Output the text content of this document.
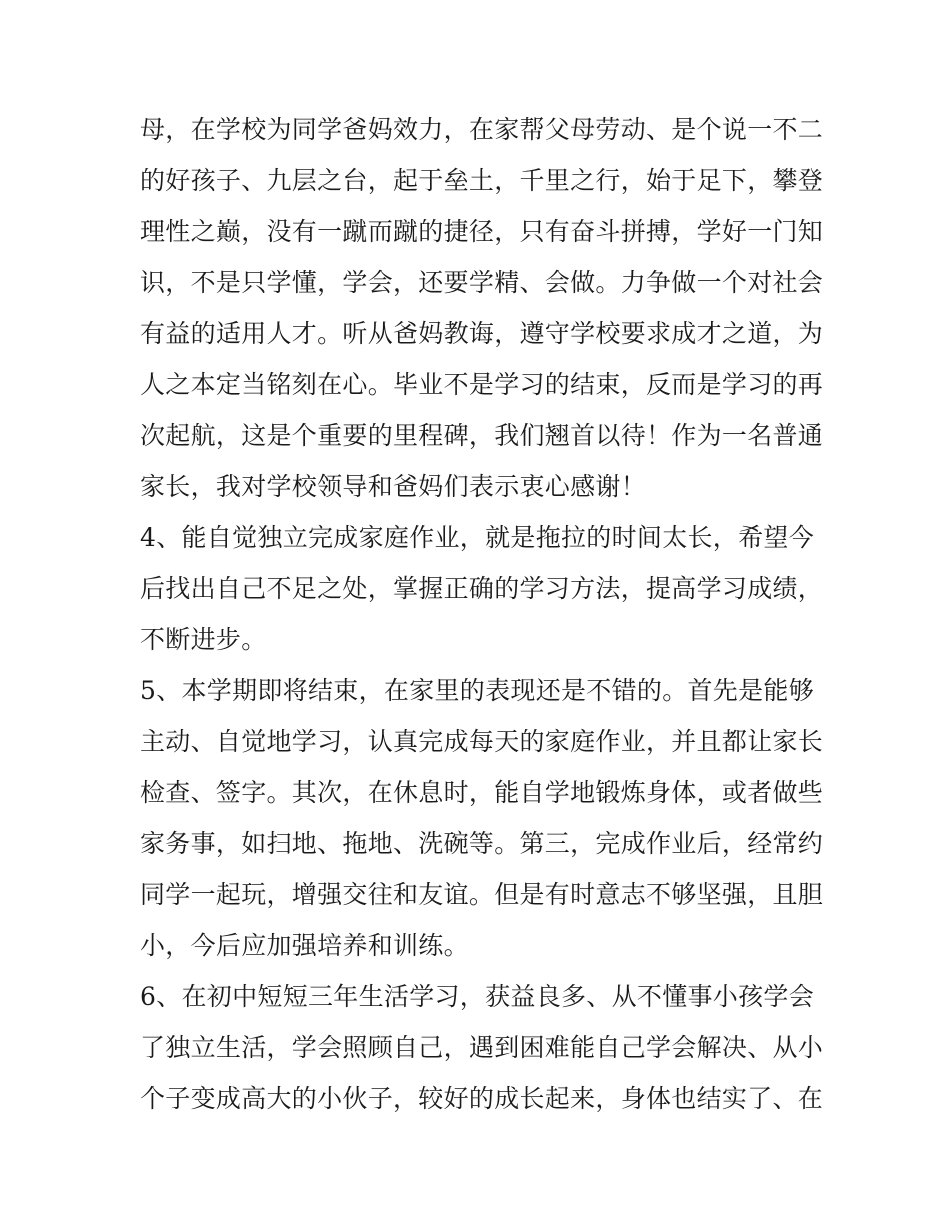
母，在学校为同学爸妈效力，在家帮父母劳动、是个说一不二
的好孩子、九层之台，起于垒土，千里之行，始于足下，攀登
理性之巅，没有一蹴而蹴的捷径，只有奋斗拼搏，学好一门知
识，不是只学懂，学会，还要学精、会做。力争做一个对社会
有益的适用人才。听从爸妈教诲，遵守学校要求成才之道，为
人之本定当铭刻在心。毕业不是学习的结束，反而是学习的再
次起航，这是个重要的里程碑，我们翘首以待！作为一名普通
家长，我对学校领导和爸妈们表示衷心感谢！
4、能自觉独立完成家庭作业，就是拖拉的时间太长，希望今
后找出自己不足之处，掌握正确的学习方法，提高学习成绩，
不断进步。
5、本学期即将结束，在家里的表现还是不错的。首先是能够
主动、自觉地学习，认真完成每天的家庭作业，并且都让家长
检查、签字。其次，在休息时，能自学地锻炼身体，或者做些
家务事，如扫地、拖地、洗碗等。第三，完成作业后，经常约
同学一起玩，增强交往和友谊。但是有时意志不够坚强，且胆
小，今后应加强培养和训练。
6、在初中短短三年生活学习，获益良多、从不懂事小孩学会
了独立生活，学会照顾自己，遇到困难能自己学会解决、从小
个子变成高大的小伙子，较好的成长起来，身体也结实了、在
